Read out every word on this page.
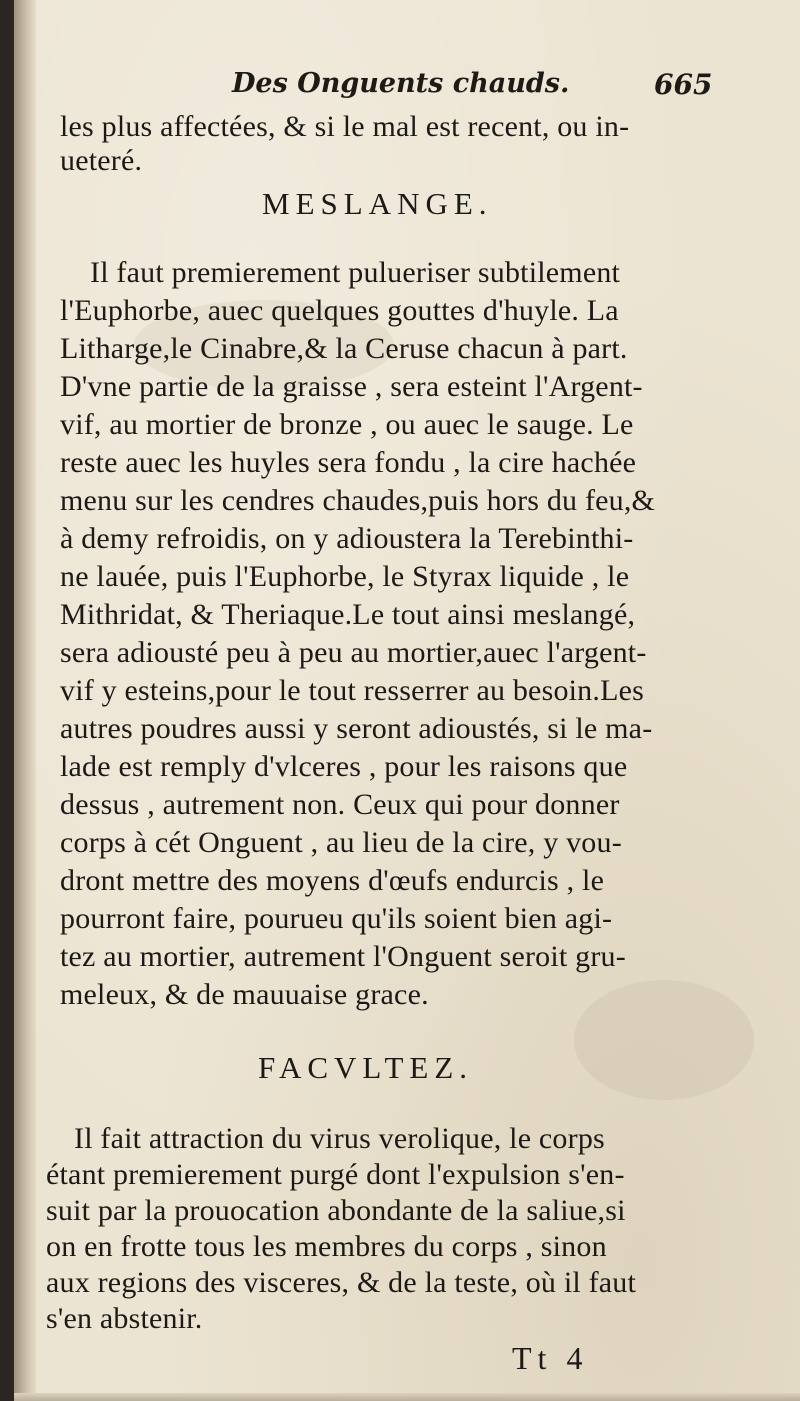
Des Onguents chauds.	665
les plus affectées, & si le mal est recent, ou in-
ueteré.
MESLANGE.
Il faut premierement pulueriser subtilement
l'Euphorbe, auec quelques gouttes d'huyle. La
Litharge,le Cinabre,& la Ceruse chacun à part.
D'vne partie de la graisse , sera esteint l'Argent-
vif, au mortier de bronze , ou auec le sauge. Le
reste auec les huyles sera fondu , la cire hachée
menu sur les cendres chaudes,puis hors du feu,&
à demy refroidis, on y adioustera la Terebinthi-
ne lauée, puis l'Euphorbe, le Styrax liquide , le
Mithridat, & Theriaque.Le tout ainsi meslangé,
sera adiousté peu à peu au mortier,auec l'argent-
vif y esteins,pour le tout resserrer au besoin.Les
autres poudres aussi y seront adioustés, si le ma-
lade est remply d'vlceres , pour les raisons que
dessus , autrement non. Ceux qui pour donner
corps à cét Onguent , au lieu de la cire, y vou-
dront mettre des moyens d'œufs endurcis , le
pourront faire, pourueu qu'ils soient bien agi-
tez au mortier, autrement l'Onguent seroit gru-
meleux, & de mauuaise grace.
FACVLTEZ.
Il fait attraction du virus verolique, le corps
étant premierement purgé dont l'expulsion s'en-
suit par la prouocation abondante de la saliue,si
on en frotte tous les membres du corps , sinon
aux regions des visceres, & de la teste, où il faut
s'en abstenir.
Tt 4
